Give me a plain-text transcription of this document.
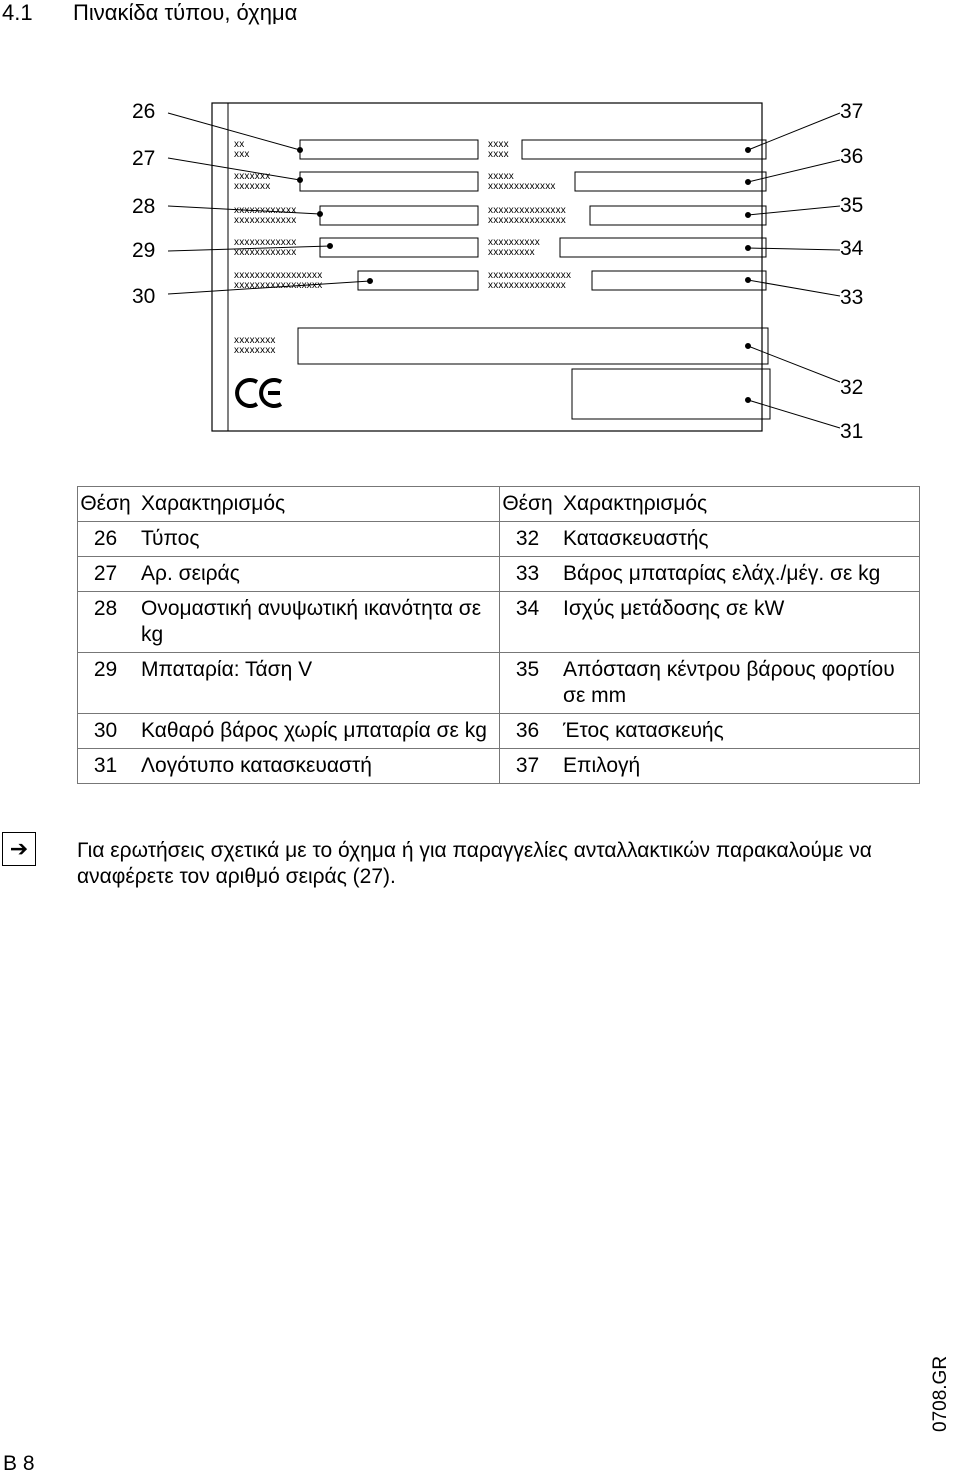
4.1 Πινακίδα τύπου, όχημα
26
27
28
29
30
37
36
35
34
33
32
31
xx
xxx
xxxxxxx
xxxxxxx
xxxxxxxxxxxx
xxxxxxxxxxxx
xxxxxxxxxxxx
xxxxxxxxxxxx
xxxxxxxxxxxxxxxxx
xxxxxxxxxxxxxxxxx
xxxx
xxxx
xxxxx
xxxxxxxxxxxxx
xxxxxxxxxxxxxxx
xxxxxxxxxxxxxxx
xxxxxxxxxx
xxxxxxxxx
xxxxxxxxxxxxxxxx
xxxxxxxxxxxxxxx
xxxxxxxx
xxxxxxxx
Θέση	Χαρακτηρισμός	Θέση	Χαρακτηρισμός
26	Τύπος	32	Κατασκευαστής
27	Αρ. σειράς	33	Βάρος μπαταρίας ελάχ./μέγ. σε kg
28	Ονομαστική ανυψωτική ικανότητα σε kg	34	Ισχύς μετάδοσης σε kW
29	Μπαταρία: Τάση V	35	Απόσταση κέντρου βάρους φορτίου σε mm
30	Καθαρό βάρος χωρίς μπαταρία σε kg	36	Έτος κατασκευής
31	Λογότυπο κατασκευαστή	37	Επιλογή
➔	Για ερωτήσεις σχετικά με το όχημα ή για παραγγελίες ανταλλακτικών παρακαλούμε να αναφέρετε τον αριθμό σειράς (27).
B 8
0708.GR
